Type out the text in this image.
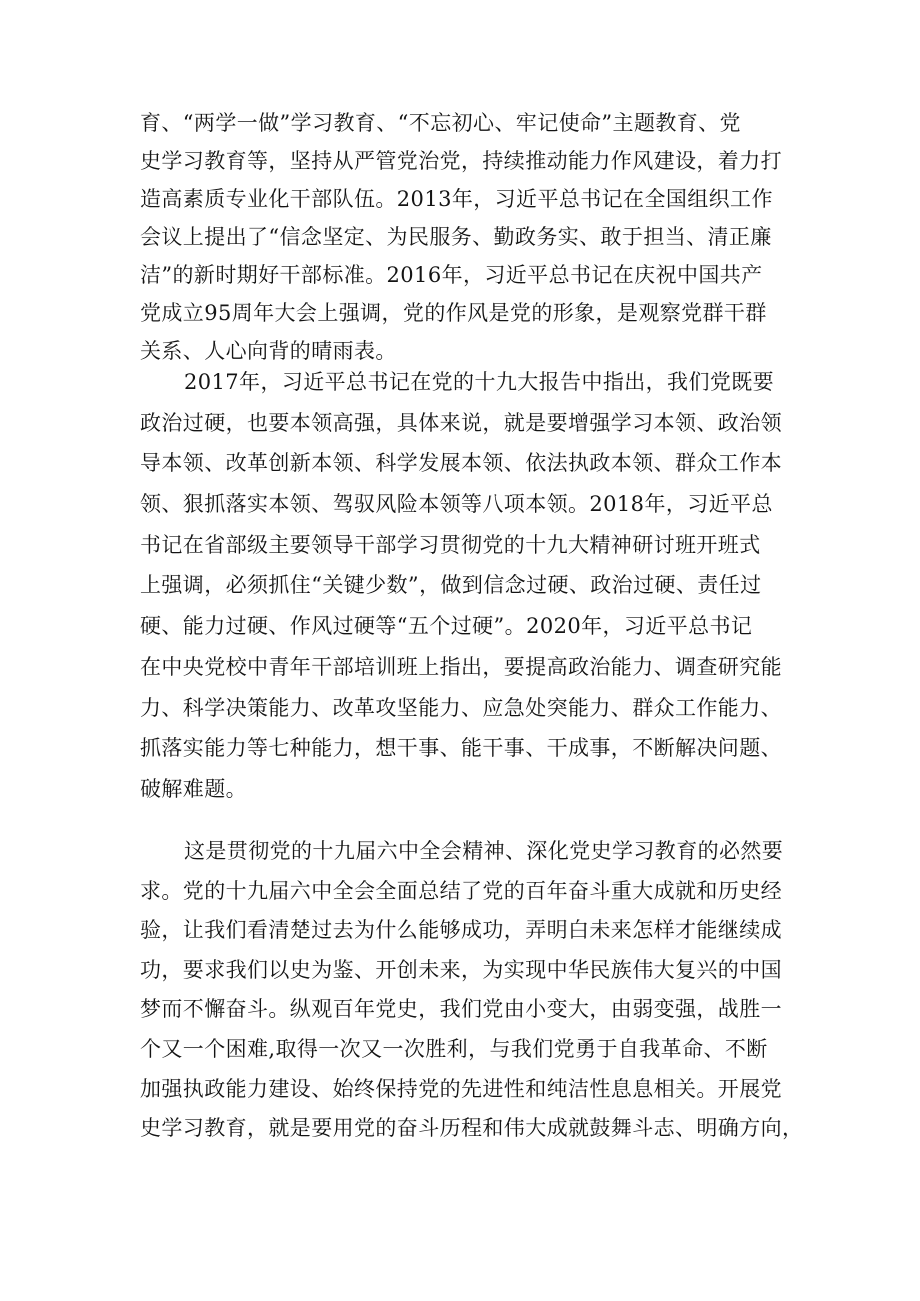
育、“两学一做”学习教育、“不忘初心、牢记使命”主题教育、党
史学习教育等，坚持从严管党治党，持续推动能力作风建设，着力打
造高素质专业化干部队伍。2013年，习近平总书记在全国组织工作
会议上提出了“信念坚定、为民服务、勤政务实、敢于担当、清正廉
洁”的新时期好干部标准。2016年，习近平总书记在庆祝中国共产
党成立95周年大会上强调，党的作风是党的形象，是观察党群干群
关系、人心向背的晴雨表。
2017年，习近平总书记在党的十九大报告中指出，我们党既要
政治过硬，也要本领高强，具体来说，就是要增强学习本领、政治领
导本领、改革创新本领、科学发展本领、依法执政本领、群众工作本
领、狠抓落实本领、驾驭风险本领等八项本领。2018年，习近平总
书记在省部级主要领导干部学习贯彻党的十九大精神研讨班开班式
上强调，必须抓住“关键少数”，做到信念过硬、政治过硬、责任过
硬、能力过硬、作风过硬等“五个过硬”。2020年，习近平总书记
在中央党校中青年干部培训班上指出，要提高政治能力、调查研究能
力、科学决策能力、改革攻坚能力、应急处突能力、群众工作能力、
抓落实能力等七种能力，想干事、能干事、干成事，不断解决问题、
破解难题。
这是贯彻党的十九届六中全会精神、深化党史学习教育的必然要
求。党的十九届六中全会全面总结了党的百年奋斗重大成就和历史经
验，让我们看清楚过去为什么能够成功，弄明白未来怎样才能继续成
功，要求我们以史为鉴、开创未来，为实现中华民族伟大复兴的中国
梦而不懈奋斗。纵观百年党史，我们党由小变大，由弱变强，战胜一
个又一个困难,取得一次又一次胜利，与我们党勇于自我革命、不断
加强执政能力建设、始终保持党的先进性和纯洁性息息相关。开展党
史学习教育，就是要用党的奋斗历程和伟大成就鼓舞斗志、明确方向，
